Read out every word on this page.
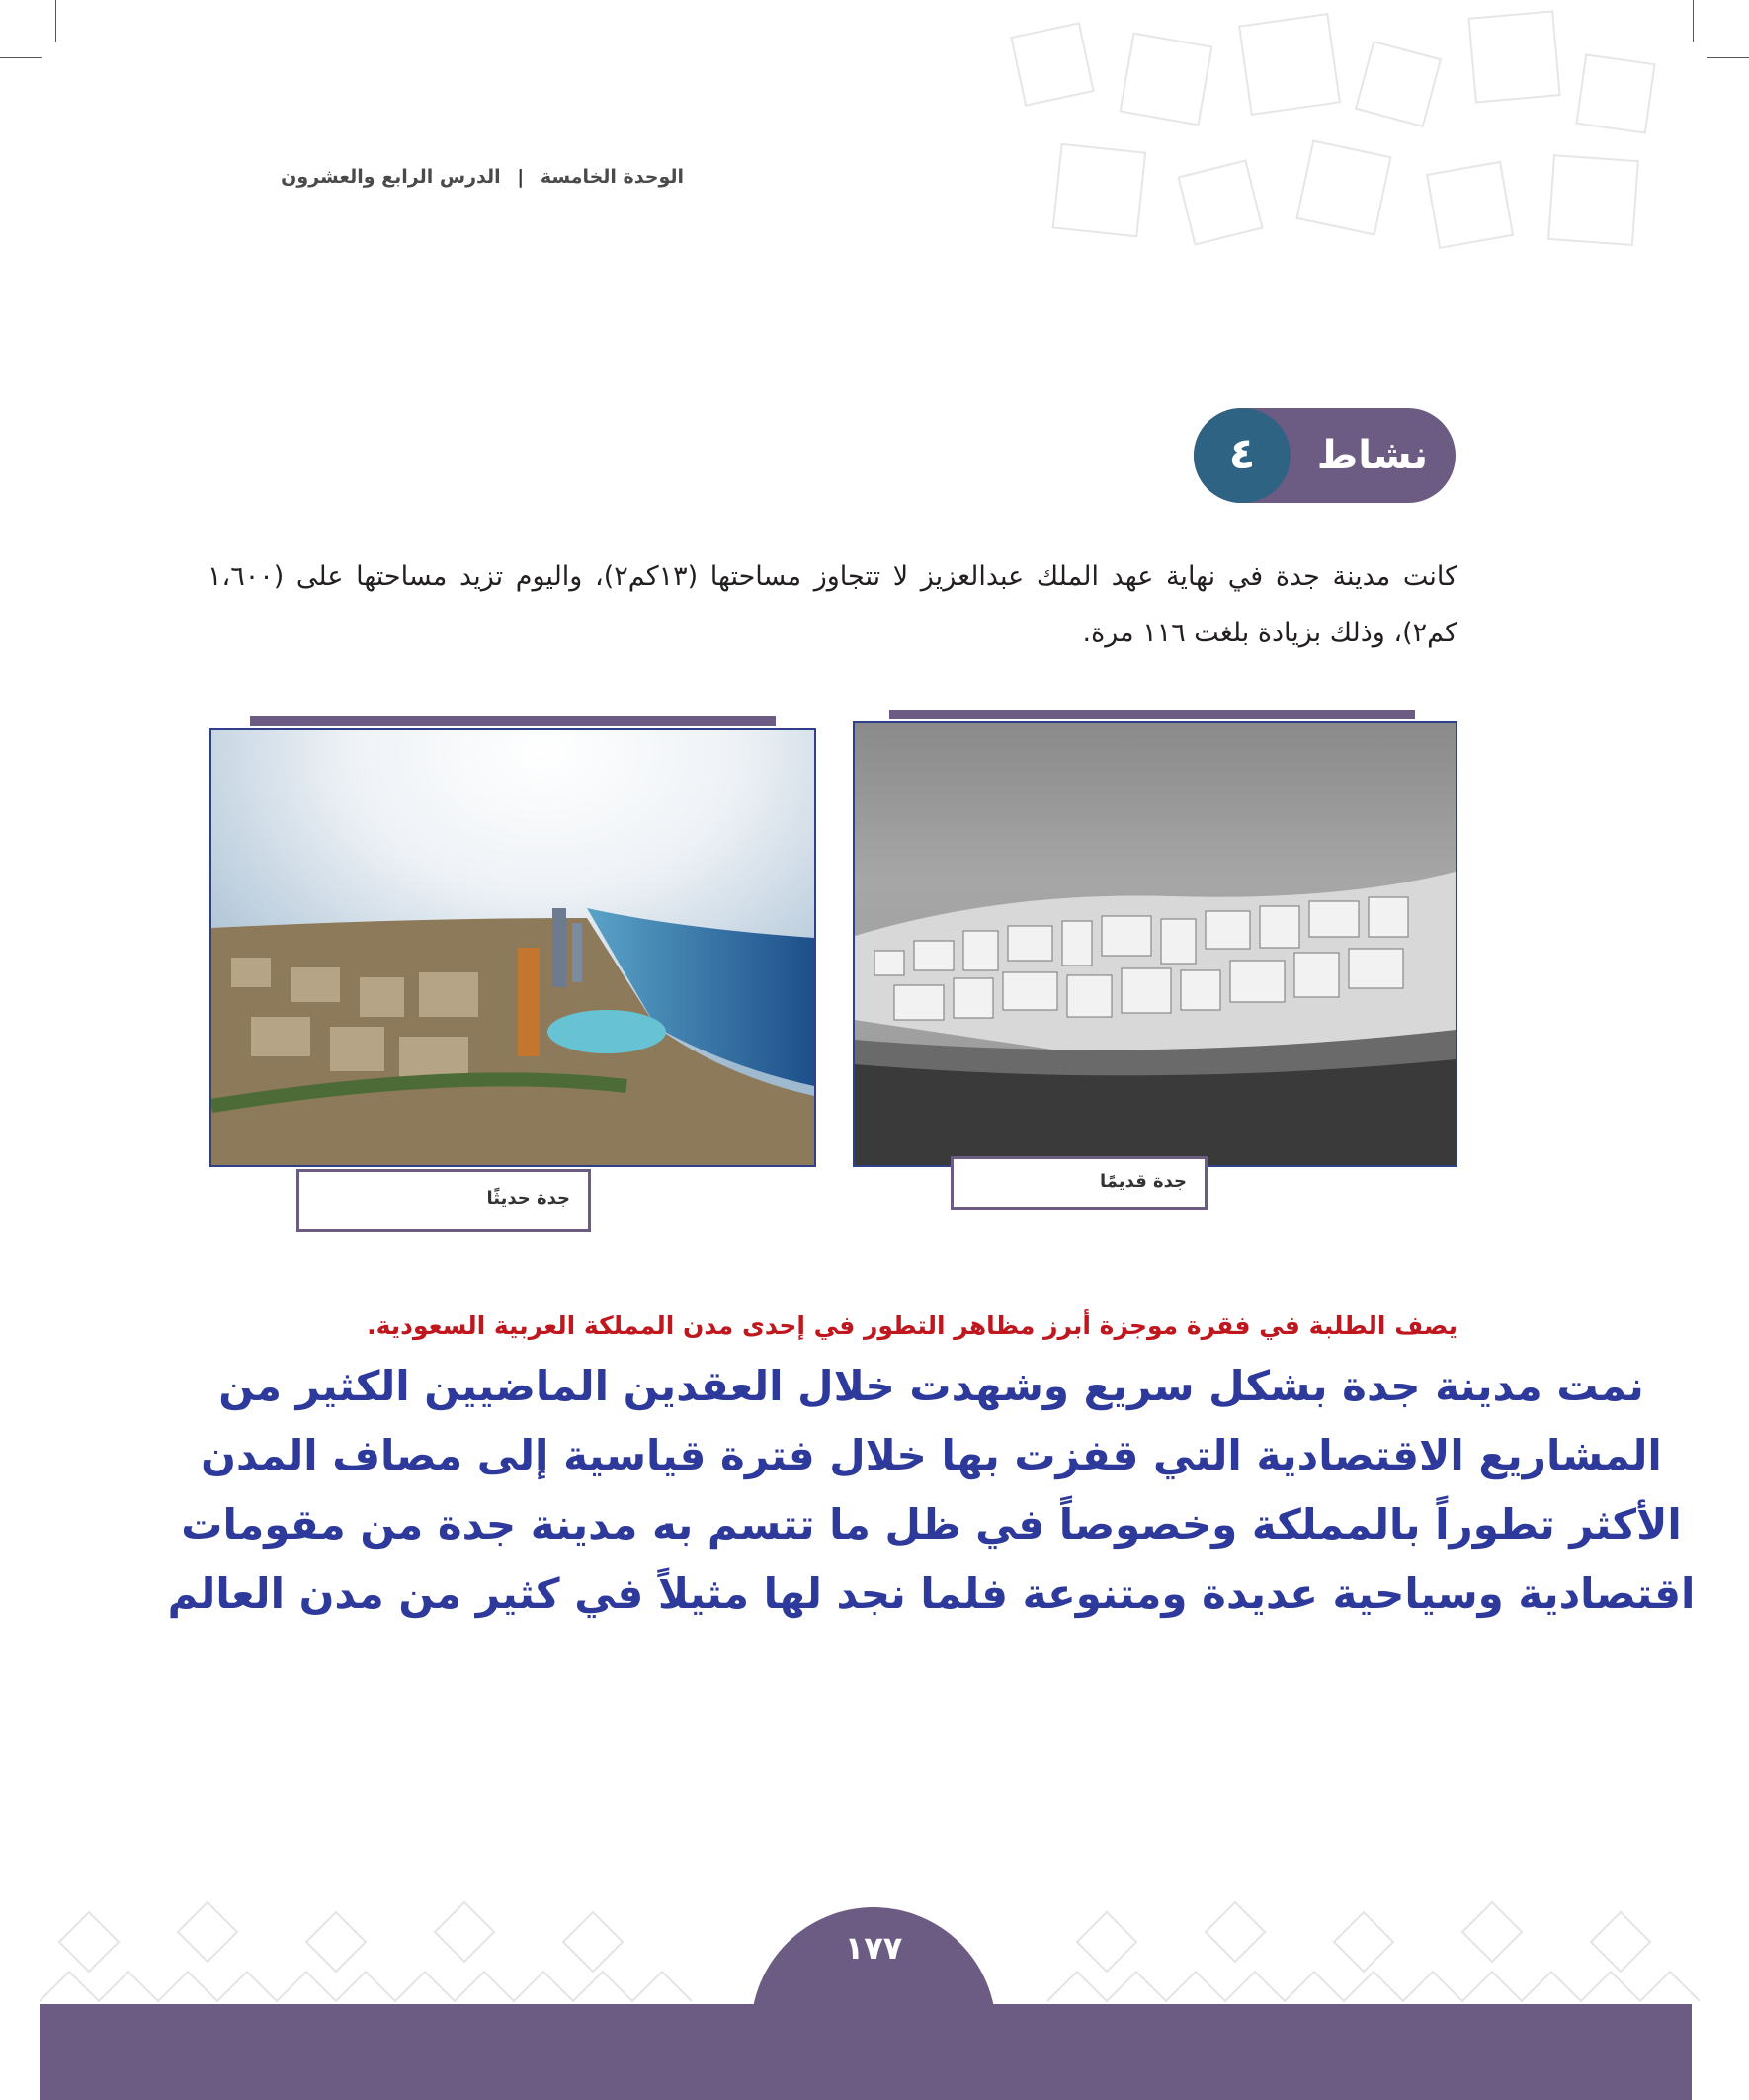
الوحدة الخامسة | الدرس الرابع والعشرون
نشاط
٤
كانت مدينة جدة في نهاية عهد الملك عبدالعزيز لا تتجاوز مساحتها (١٣كم٢)، واليوم تزيد مساحتها على (١،٦٠٠ كم٢)، وذلك بزيادة بلغت ١١٦ مرة.
جدة قديمًا
جدة حديثًا
يصف الطلبة في فقرة موجزة أبرز مظاهر التطور في إحدى مدن المملكة العربية السعودية.
نمت مدينة جدة بشكل سريع وشهدت خلال العقدين الماضيين الكثير من المشاريع الاقتصادية التي قفزت بها خلال فترة قياسية إلى مصاف المدن الأكثر تطوراً بالمملكة وخصوصاً في ظل ما تتسم به مدينة جدة من مقومات اقتصادية وسياحية عديدة ومتنوعة فلما نجد لها مثيلاً في كثير من مدن العالم
١٧٧
